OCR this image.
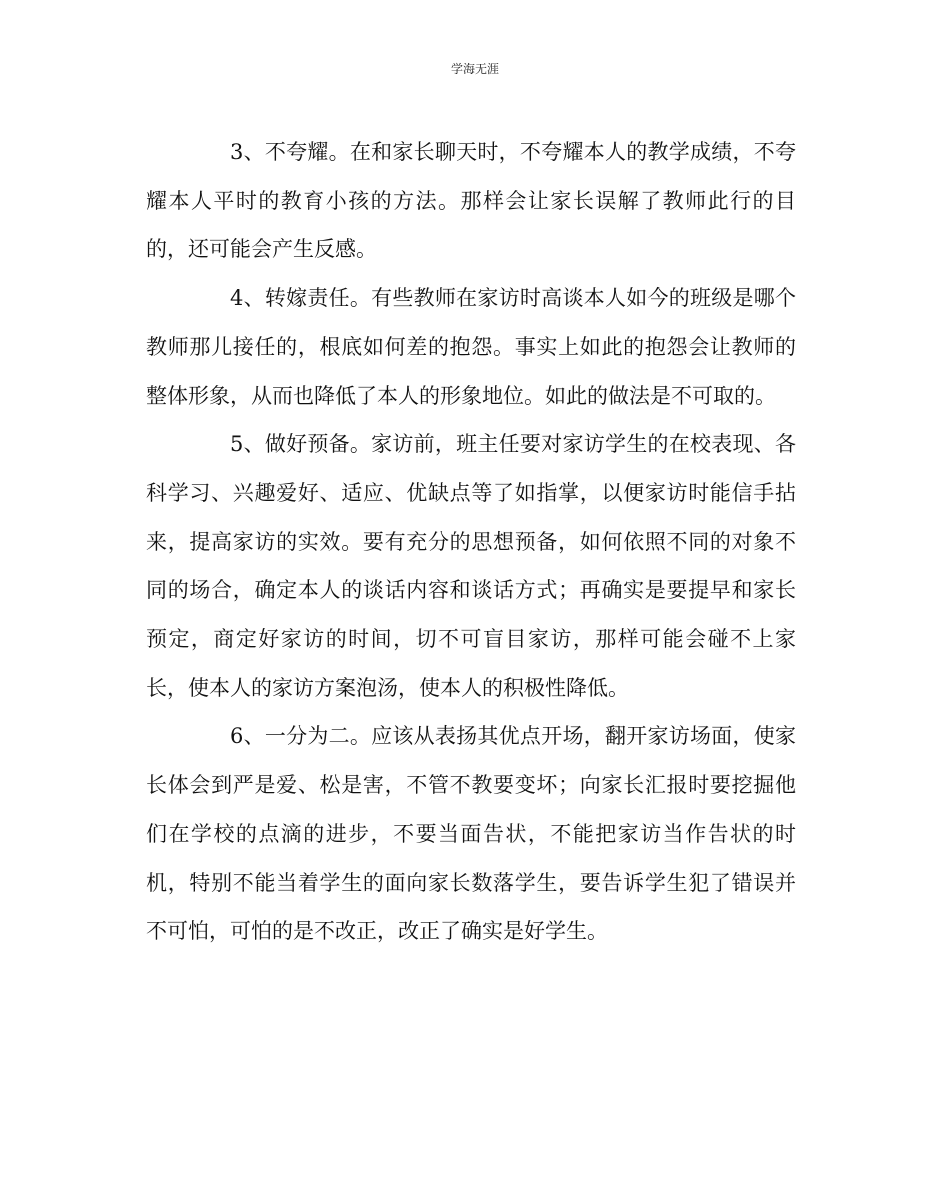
学海无涯

3、不夸耀。在和家长聊天时，不夸耀本人的教学成绩，不夸耀本人平时的教育小孩的方法。那样会让家长误解了教师此行的目的，还可能会产生反感。

4、转嫁责任。有些教师在家访时高谈本人如今的班级是哪个教师那儿接任的，根底如何差的抱怨。事实上如此的抱怨会让教师的整体形象，从而也降低了本人的形象地位。如此的做法是不可取的。

5、做好预备。家访前，班主任要对家访学生的在校表现、各科学习、兴趣爱好、适应、优缺点等了如指掌，以便家访时能信手拈来，提高家访的实效。要有充分的思想预备，如何依照不同的对象不同的场合，确定本人的谈话内容和谈话方式；再确实是要提早和家长预定，商定好家访的时间，切不可盲目家访，那样可能会碰不上家长，使本人的家访方案泡汤，使本人的积极性降低。

6、一分为二。应该从表扬其优点开场，翻开家访场面，使家长体会到严是爱、松是害，不管不教要变坏；向家长汇报时要挖掘他们在学校的点滴的进步，不要当面告状，不能把家访当作告状的时机，特别不能当着学生的面向家长数落学生，要告诉学生犯了错误并不可怕，可怕的是不改正，改正了确实是好学生。
